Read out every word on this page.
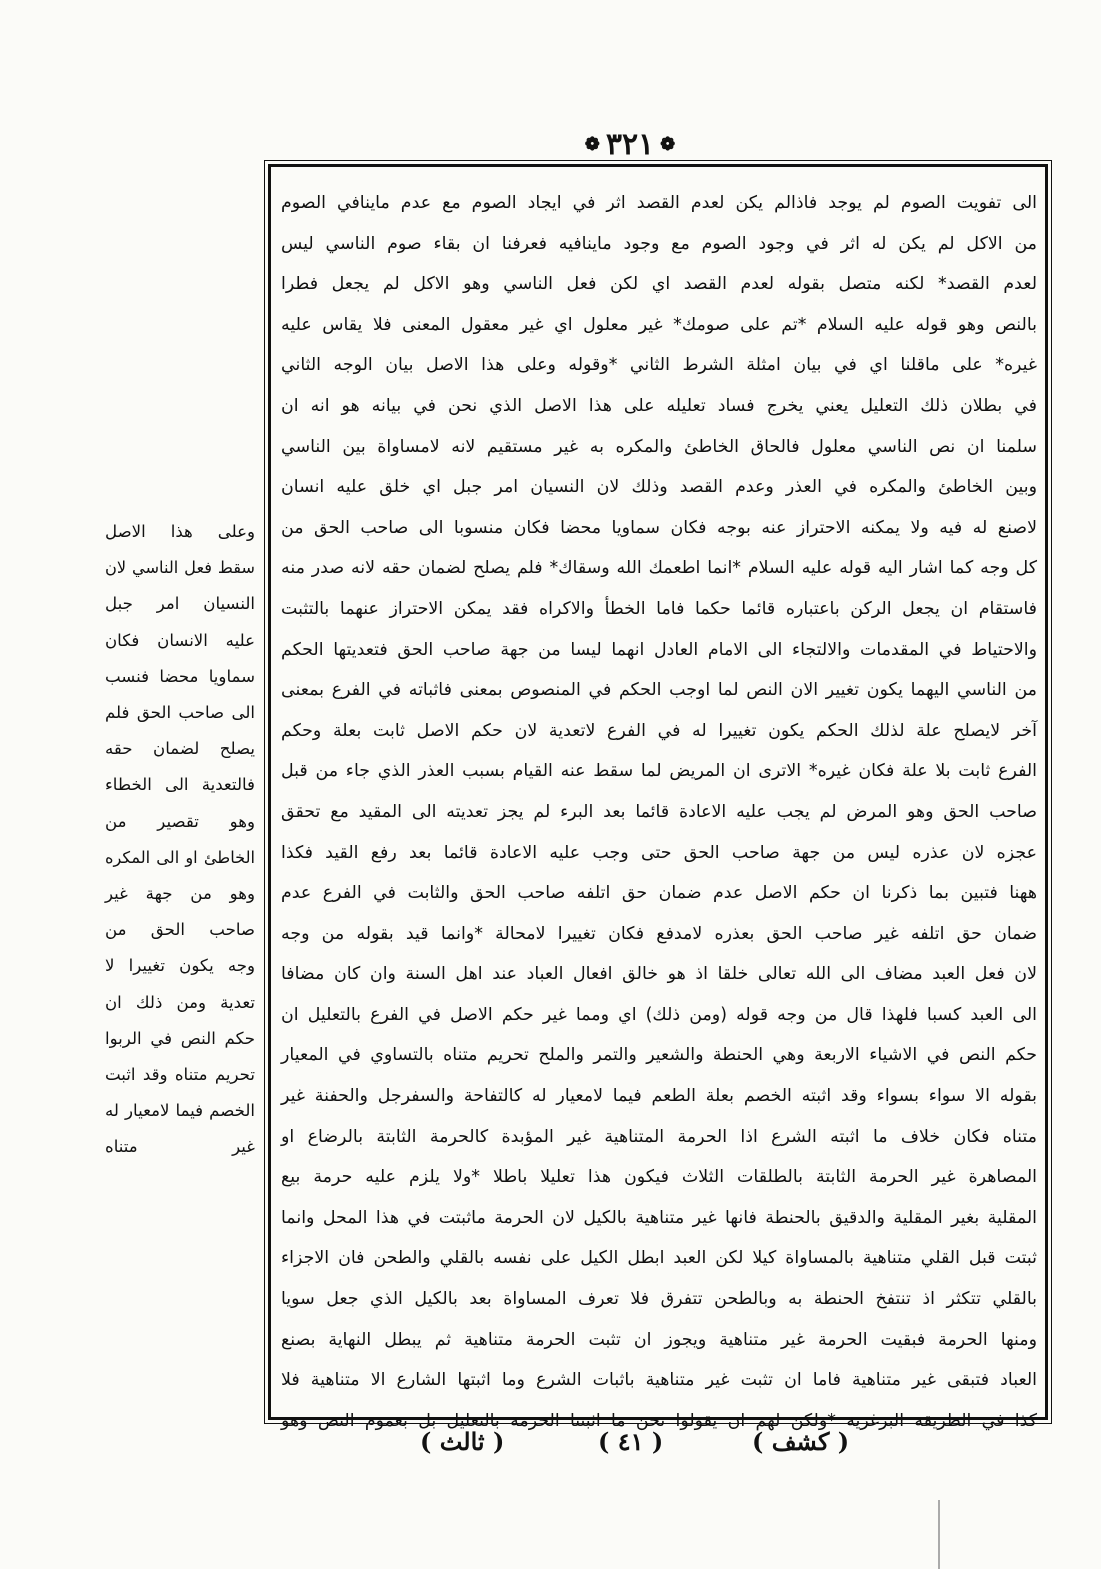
❁
٣٢١
❁

الى تفويت الصوم لم يوجد فاذالم يكن لعدم القصد اثر في ايجاد الصوم مع عدم ماينافي الصوم

من الاكل لم يكن له اثر في وجود الصوم مع وجود ماينافيه فعرفنا ان بقاء صوم الناسي ليس

لعدم القصد* لكنه متصل بقوله لعدم القصد اي لكن فعل الناسي وهو الاكل لم يجعل فطرا

بالنص وهو قوله عليه السلام *تم على صومك* غير معلول اي غير معقول المعنى فلا يقاس عليه

غيره* على ماقلنا اي في بيان امثلة الشرط الثاني *وقوله وعلى هذا الاصل بيان الوجه الثاني

في بطلان ذلك التعليل يعني يخرج فساد تعليله على هذا الاصل الذي نحن في بيانه هو انه ان

سلمنا ان نص الناسي معلول فالحاق الخاطئ والمكره به غير مستقيم لانه لامساواة بين الناسي

وبين الخاطئ والمكره في العذر وعدم القصد وذلك لان النسيان امر جبل اي خلق عليه انسان

لاصنع له فيه ولا يمكنه الاحتراز عنه بوجه فكان سماويا محضا فكان منسوبا الى صاحب الحق من

كل وجه كما اشار اليه قوله عليه السلام *انما اطعمك الله وسقاك* فلم يصلح لضمان حقه لانه صدر منه

فاستقام ان يجعل الركن باعتباره قائما حكما فاما الخطأ والاكراه فقد يمكن الاحتراز عنهما بالتثبت

والاحتياط في المقدمات والالتجاء الى الامام العادل انهما ليسا من جهة صاحب الحق فتعديتها الحكم

من الناسي اليهما يكون تغيير الان النص لما اوجب الحكم في المنصوص بمعنى فاثباته في الفرع بمعنى

آخر لايصلح علة لذلك الحكم يكون تغييرا له في الفرع لاتعدية لان حكم الاصل ثابت بعلة وحكم

الفرع ثابت بلا علة فكان غيره* الاترى ان المريض لما سقط عنه القيام بسبب العذر الذي جاء من قبل

صاحب الحق وهو المرض لم يجب عليه الاعادة قائما بعد البرء لم يجز تعديته الى المقيد مع تحقق

عجزه لان عذره ليس من جهة صاحب الحق حتى وجب عليه الاعادة قائما بعد رفع القيد فكذا

ههنا فتبين بما ذكرنا ان حكم الاصل عدم ضمان حق اتلفه صاحب الحق والثابت في الفرع عدم

ضمان حق اتلفه غير صاحب الحق بعذره لامدفع فكان تغييرا لامحالة *وانما قيد بقوله من وجه

لان فعل العبد مضاف الى الله تعالى خلقا اذ هو خالق افعال العباد عند اهل السنة وان كان مضافا

الى العبد كسبا فلهذا قال من وجه قوله (ومن ذلك) اي ومما غير حكم الاصل في الفرع بالتعليل ان

حكم النص في الاشياء الاربعة وهي الحنطة والشعير والتمر والملح تحريم متناه بالتساوي في المعيار

بقوله الا سواء بسواء وقد اثبته الخصم بعلة الطعم فيما لامعيار له كالتفاحة والسفرجل والحفنة غير

متناه فكان خلاف ما اثبته الشرع اذا الحرمة المتناهية غير المؤبدة كالحرمة الثابتة بالرضاع او

المصاهرة غير الحرمة الثابتة بالطلقات الثلاث فيكون هذا تعليلا باطلا *ولا يلزم عليه حرمة بيع

المقلية بغير المقلية والدقيق بالحنطة فانها غير متناهية بالكيل لان الحرمة ماثبتت في هذا المحل وانما

ثبتت قبل القلي متناهية بالمساواة كيلا لكن العبد ابطل الكيل على نفسه بالقلي والطحن فان الاجزاء

بالقلي تتكثر اذ تنتفخ الحنطة به وبالطحن تتفرق فلا تعرف المساواة بعد بالكيل الذي جعل سويا

ومنها الحرمة فبقيت الحرمة غير متناهية ويجوز ان تثبت الحرمة متناهية ثم يبطل النهاية بصنع

العباد فتبقى غير متناهية فاما ان تثبت غير متناهية باثبات الشرع وما اثبتها الشارع الا متناهية فلا

كذا في الطريقة البرغرية *ولكن لهم ان يقولوا نحن ما اثبتنا الحرمة بالتعليل بل بعموم النص وهو

وعلى هذا الاصل

سقط فعل الناسي لان

النسيان امر جبل

عليه الانسان فكان

سماويا محضا فنسب

الى صاحب الحق فلم

يصلح لضمان حقه

فالتعدية الى الخطاء

وهو تقصير من

الخاطئ او الى المكره

وهو من جهة غير

صاحب الحق من

وجه يكون تغييرا لا

تعدية ومن ذلك ان

حكم النص في الربوا

تحريم متناه وقد اثبت

الخصم فيما لامعيار له

غير متناه

( ثالث )	( ٤١ )	( كشف )
